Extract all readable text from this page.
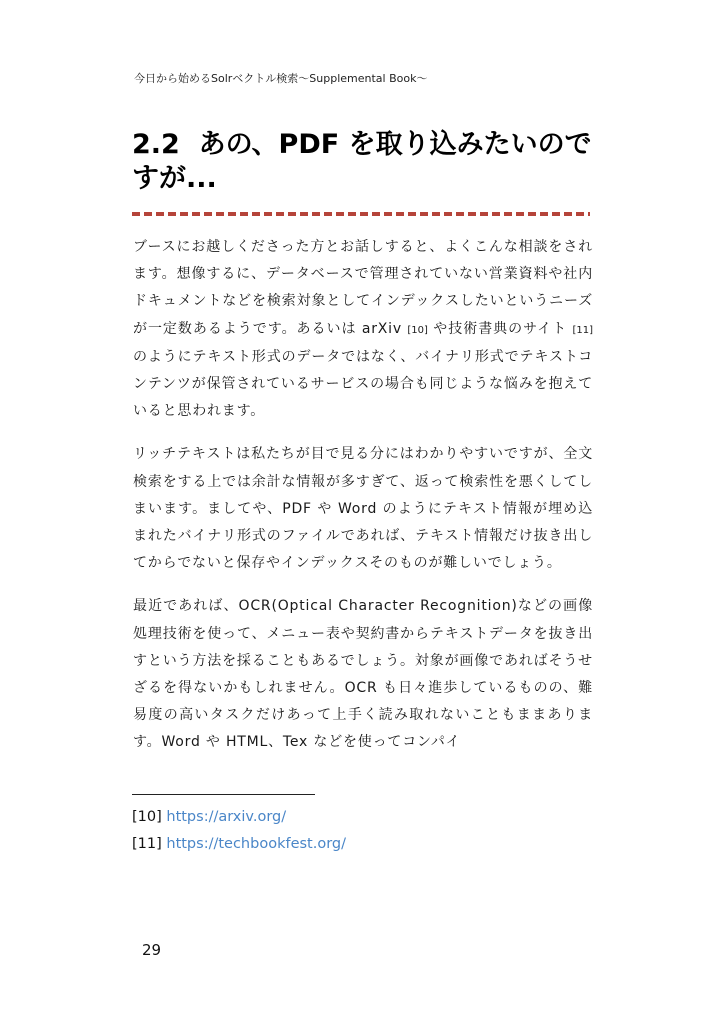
今日から始めるSolrベクトル検索〜Supplemental Book〜
2.2  あの、PDF を取り込みたいので
すが...

ブースにお越しくださった方とお話しすると、よくこんな相談をされます。想像するに、データベースで管理されていない営業資料や社内ドキュメントなどを検索対象としてインデックスしたいというニーズが一定数あるようです。あるいは arXiv [10] や技術書典のサイト [11] のようにテキスト形式のデータではなく、バイナリ形式でテキストコンテンツが保管されているサービスの場合も同じような悩みを抱えていると思われます。

リッチテキストは私たちが目で見る分にはわかりやすいですが、全文検索をする上では余計な情報が多すぎて、返って検索性を悪くしてしまいます。ましてや、PDF や Word のようにテキスト情報が埋め込まれたバイナリ形式のファイルであれば、テキスト情報だけ抜き出してからでないと保存やインデックスそのものが難しいでしょう。

最近であれば、OCR(Optical Character Recognition)などの画像処理技術を使って、メニュー表や契約書からテキストデータを抜き出すという方法を採ることもあるでしょう。対象が画像であればそうせざるを得ないかもしれません。OCR も日々進歩しているものの、難易度の高いタスクだけあって上手く読み取れないこともままあります。Word や HTML、Tex などを使ってコンパイ

[10] https://arxiv.org/
[11] https://techbookfest.org/
29
